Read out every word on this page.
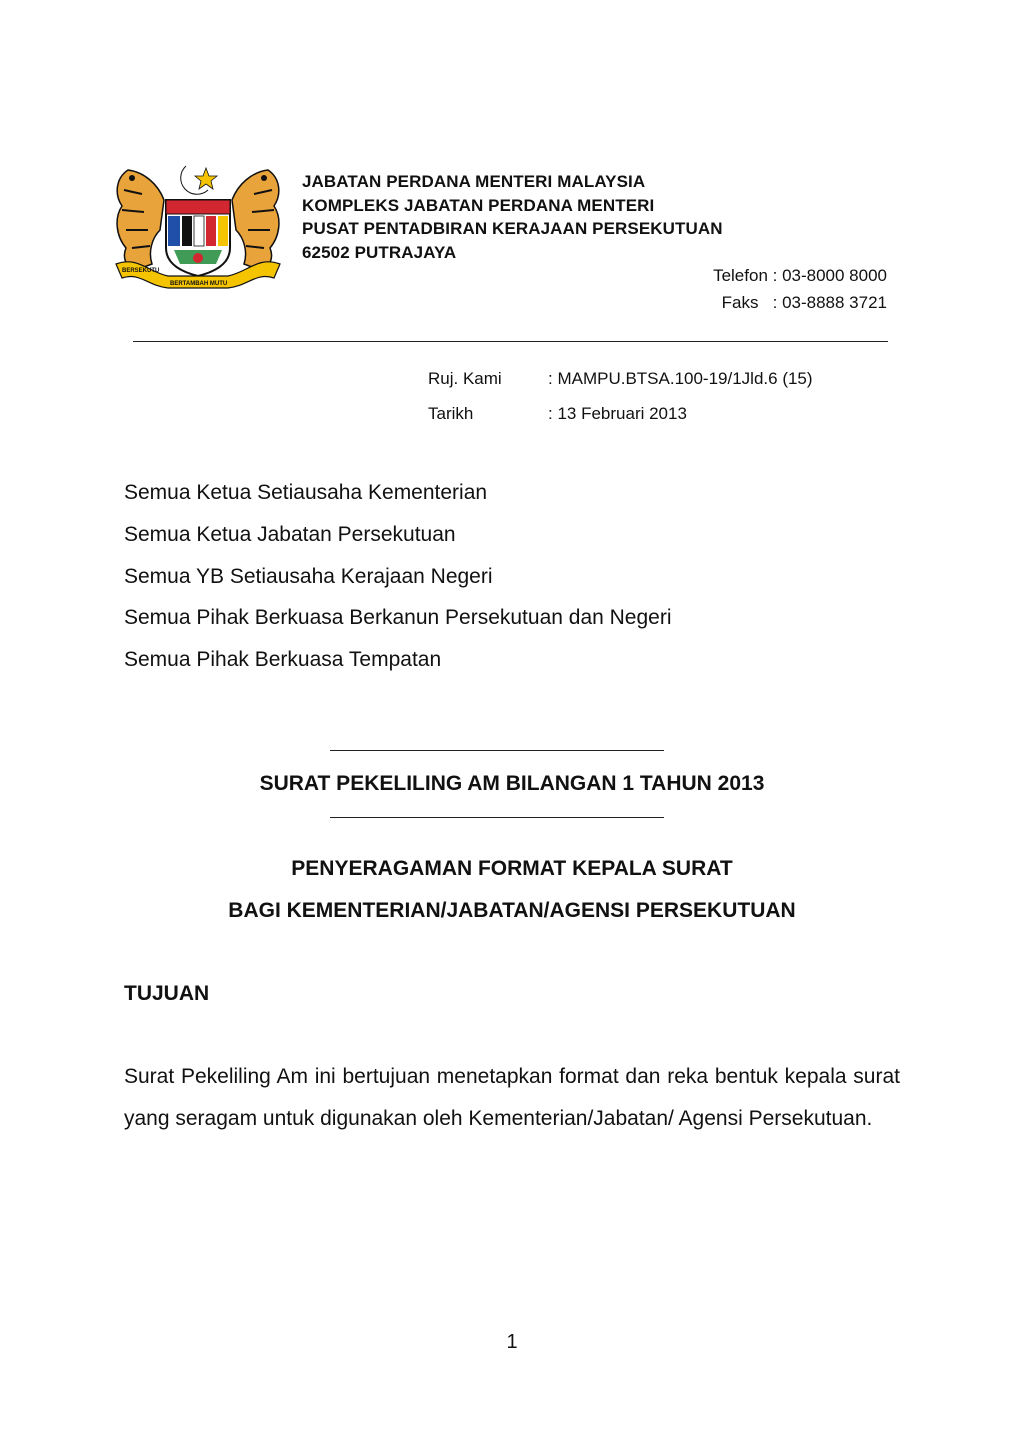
BERSEKUTU
BERTAMBAH MUTU
JABATAN PERDANA MENTERI MALAYSIA
KOMPLEKS JABATAN PERDANA MENTERI
PUSAT PENTADBIRAN KERAJAAN PERSEKUTUAN
62502 PUTRAJAYA
Telefon : 03-8000 8000
Faks   : 03-8888 3721
Ruj. Kami	: MAMPU.BTSA.100-19/1Jld.6 (15)
Tarikh	: 13 Februari 2013
Semua Ketua Setiausaha Kementerian
Semua Ketua Jabatan Persekutuan
Semua YB Setiausaha Kerajaan Negeri
Semua Pihak Berkuasa Berkanun Persekutuan dan Negeri
Semua Pihak Berkuasa Tempatan
SURAT PEKELILING AM BILANGAN 1 TAHUN 2013
PENYERAGAMAN FORMAT KEPALA SURAT
BAGI KEMENTERIAN/JABATAN/AGENSI PERSEKUTUAN
TUJUAN
Surat Pekeliling Am ini bertujuan menetapkan format dan reka bentuk kepala surat yang seragam untuk digunakan oleh Kementerian/Jabatan/ Agensi Persekutuan.
1
